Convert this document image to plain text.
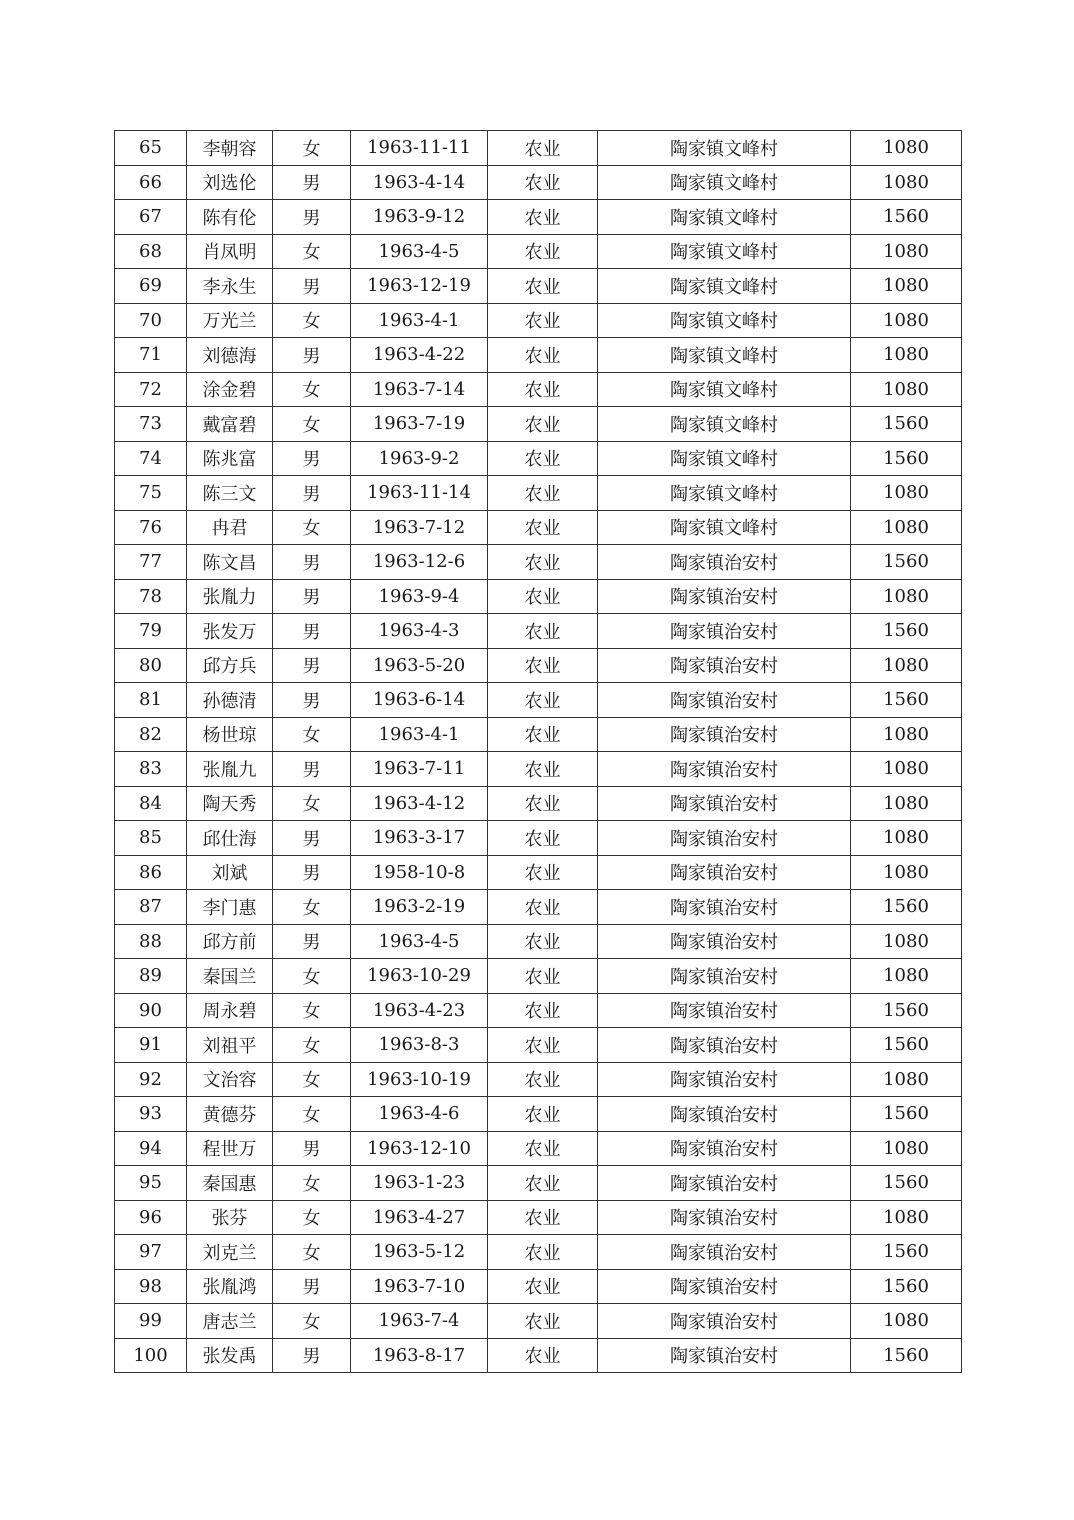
65	李朝容	女	1963-11-11	农业	陶家镇文峰村	1080
66	刘选伦	男	1963-4-14	农业	陶家镇文峰村	1080
67	陈有伦	男	1963-9-12	农业	陶家镇文峰村	1560
68	肖凤明	女	1963-4-5	农业	陶家镇文峰村	1080
69	李永生	男	1963-12-19	农业	陶家镇文峰村	1080
70	万光兰	女	1963-4-1	农业	陶家镇文峰村	1080
71	刘德海	男	1963-4-22	农业	陶家镇文峰村	1080
72	涂金碧	女	1963-7-14	农业	陶家镇文峰村	1080
73	戴富碧	女	1963-7-19	农业	陶家镇文峰村	1560
74	陈兆富	男	1963-9-2	农业	陶家镇文峰村	1560
75	陈三文	男	1963-11-14	农业	陶家镇文峰村	1080
76	冉君	女	1963-7-12	农业	陶家镇文峰村	1080
77	陈文昌	男	1963-12-6	农业	陶家镇治安村	1560
78	张胤力	男	1963-9-4	农业	陶家镇治安村	1080
79	张发万	男	1963-4-3	农业	陶家镇治安村	1560
80	邱方兵	男	1963-5-20	农业	陶家镇治安村	1080
81	孙德清	男	1963-6-14	农业	陶家镇治安村	1560
82	杨世琼	女	1963-4-1	农业	陶家镇治安村	1080
83	张胤九	男	1963-7-11	农业	陶家镇治安村	1080
84	陶天秀	女	1963-4-12	农业	陶家镇治安村	1080
85	邱仕海	男	1963-3-17	农业	陶家镇治安村	1080
86	刘斌	男	1958-10-8	农业	陶家镇治安村	1080
87	李门惠	女	1963-2-19	农业	陶家镇治安村	1560
88	邱方前	男	1963-4-5	农业	陶家镇治安村	1080
89	秦国兰	女	1963-10-29	农业	陶家镇治安村	1080
90	周永碧	女	1963-4-23	农业	陶家镇治安村	1560
91	刘祖平	女	1963-8-3	农业	陶家镇治安村	1560
92	文治容	女	1963-10-19	农业	陶家镇治安村	1080
93	黄德芬	女	1963-4-6	农业	陶家镇治安村	1560
94	程世万	男	1963-12-10	农业	陶家镇治安村	1080
95	秦国惠	女	1963-1-23	农业	陶家镇治安村	1560
96	张芬	女	1963-4-27	农业	陶家镇治安村	1080
97	刘克兰	女	1963-5-12	农业	陶家镇治安村	1560
98	张胤鸿	男	1963-7-10	农业	陶家镇治安村	1560
99	唐志兰	女	1963-7-4	农业	陶家镇治安村	1080
100	张发禹	男	1963-8-17	农业	陶家镇治安村	1560
